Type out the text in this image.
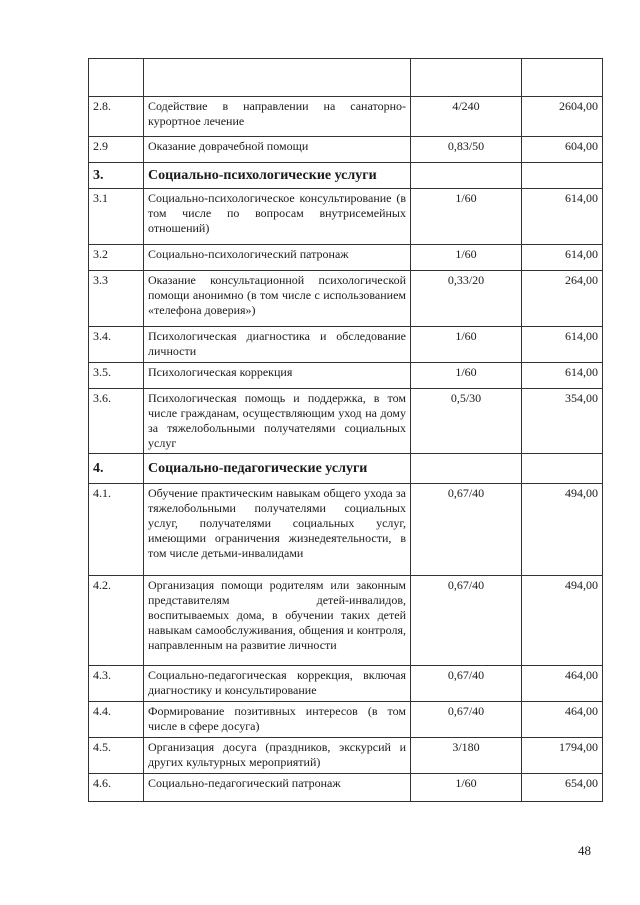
2.8.	Содействие в направлении на санаторно-курортное лечение	4/240	2604,00
2.9	Оказание доврачебной помощи	0,83/50	604,00
3.	Социально-психологические услуги		
3.1	Социально-психологическое консультирование (в том числе по вопросам внутрисемейных отношений)	1/60	614,00
3.2	Социально-психологический патронаж	1/60	614,00
3.3	Оказание консультационной психологической помощи анонимно (в том числе с использованием «телефона доверия»)	0,33/20	264,00
3.4.	Психологическая диагностика и обследование личности	1/60	614,00
3.5.	Психологическая коррекция	1/60	614,00
3.6.	Психологическая помощь и поддержка, в том числе гражданам, осуществляющим уход на дому за тяжелобольными получателями социальных услуг	0,5/30	354,00
4.	Социально-педагогические услуги		
4.1.	Обучение практическим навыкам общего ухода за тяжелобольными получателями социальных услуг, получателями социальных услуг, имеющими ограничения жизнедеятельности, в том числе детьми-инвалидами	0,67/40	494,00
4.2.	Организация помощи родителям или законным представителям детей-инвалидов, воспитываемых дома, в обучении таких детей навыкам самообслуживания, общения и контроля, направленным на развитие личности	0,67/40	494,00
4.3.	Социально-педагогическая коррекция, включая диагностику и консультирование	0,67/40	464,00
4.4.	Формирование позитивных интересов (в том числе в сфере досуга)	0,67/40	464,00
4.5.	Организация досуга (праздников, экскурсий и других культурных мероприятий)	3/180	1794,00
4.6.	Социально-педагогический патронаж	1/60	654,00
48
